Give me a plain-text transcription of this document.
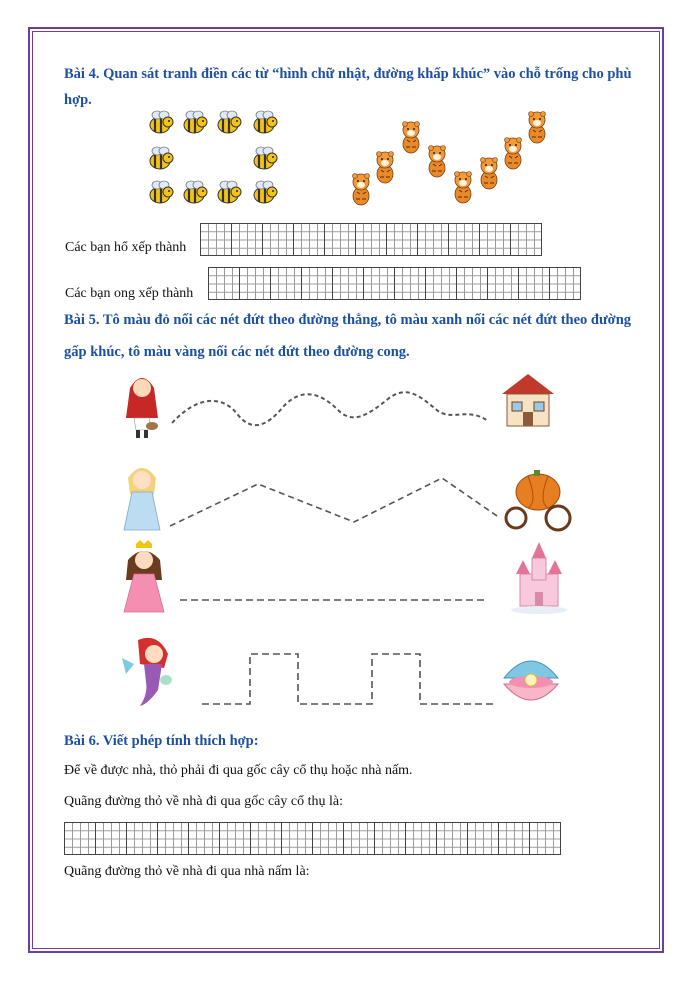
Bài 4. Quan sát tranh điền các từ “hình chữ nhật, đường khấp khúc” vào chỗ trống cho phù hợp.
Các bạn hổ xếp thành
Các bạn ong xếp thành
Bài 5. Tô màu đỏ nối các nét đứt theo đường thẳng, tô màu xanh nối các nét đứt theo đường gấp khúc, tô màu vàng nối các nét đứt theo đường cong.
Bài 6. Viết phép tính thích hợp:
Để về được nhà, thỏ phải đi qua gốc cây cổ thụ hoặc nhà nấm.
Quãng đường thỏ về nhà đi qua gốc cây cổ thụ là:
Quãng đường thỏ về nhà đi qua nhà nấm là:
